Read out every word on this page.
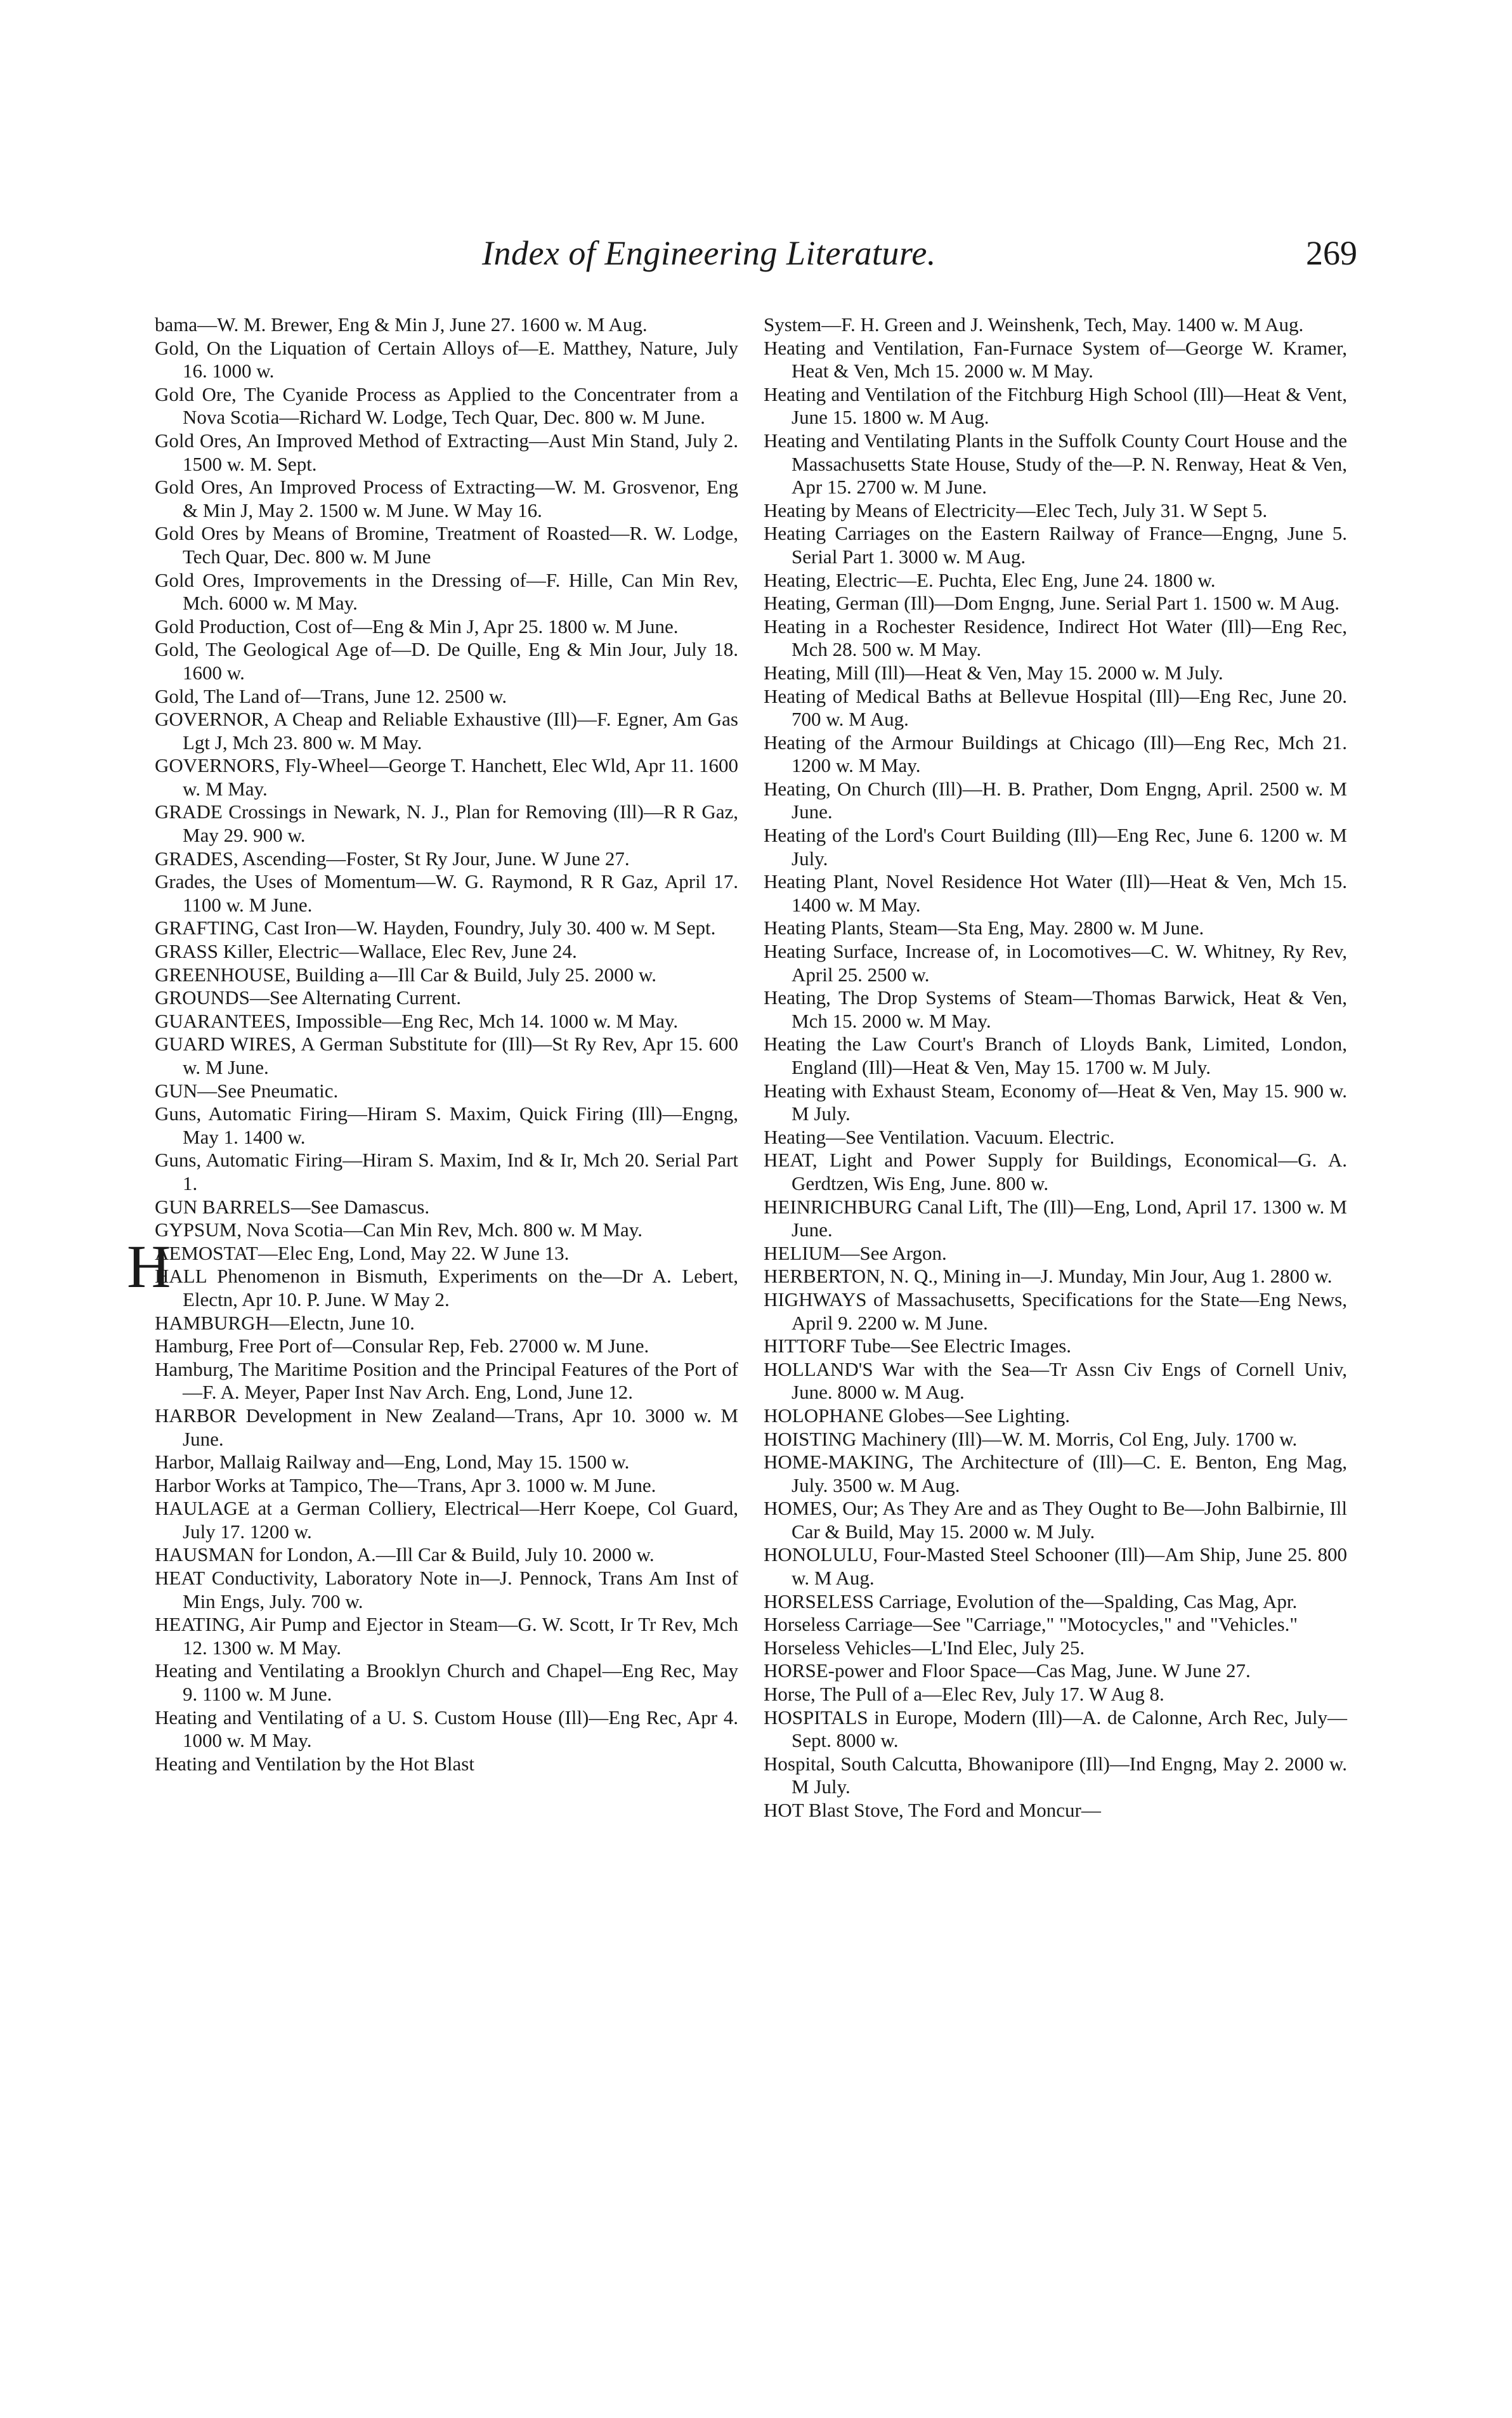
Index of Engineering Literature.	269

bama—W. M. Brewer, Eng & Min J, June 27. 1600 w. M Aug.

Gold, On the Liquation of Certain Alloys of—E. Matthey, Nature, July 16. 1000 w.

Gold Ore, The Cyanide Process as Applied to the Concentrater from a Nova Scotia—Richard W. Lodge, Tech Quar, Dec. 800 w. M June.

Gold Ores, An Improved Method of Extracting—Aust Min Stand, July 2. 1500 w. M. Sept.

Gold Ores, An Improved Process of Extracting—W. M. Grosvenor, Eng & Min J, May 2. 1500 w. M June. W May 16.

Gold Ores by Means of Bromine, Treatment of Roasted—R. W. Lodge, Tech Quar, Dec. 800 w. M June

Gold Ores, Improvements in the Dressing of—F. Hille, Can Min Rev, Mch. 6000 w. M May.

Gold Production, Cost of—Eng & Min J, Apr 25. 1800 w. M June.

Gold, The Geological Age of—D. De Quille, Eng & Min Jour, July 18. 1600 w.

Gold, The Land of—Trans, June 12. 2500 w.

GOVERNOR, A Cheap and Reliable Exhaustive (Ill)—F. Egner, Am Gas Lgt J, Mch 23. 800 w. M May.

GOVERNORS, Fly-Wheel—George T. Hanchett, Elec Wld, Apr 11. 1600 w. M May.

GRADE Crossings in Newark, N. J., Plan for Removing (Ill)—R R Gaz, May 29. 900 w.

GRADES, Ascending—Foster, St Ry Jour, June. W June 27.

Grades, the Uses of Momentum—W. G. Raymond, R R Gaz, April 17. 1100 w. M June.

GRAFTING, Cast Iron—W. Hayden, Foundry, July 30. 400 w. M Sept.

GRASS Killer, Electric—Wallace, Elec Rev, June 24.

GREENHOUSE, Building a—Ill Car & Build, July 25. 2000 w.

GROUNDS—See Alternating Current.

GUARANTEES, Impossible—Eng Rec, Mch 14. 1000 w. M May.

GUARD WIRES, A German Substitute for (Ill)—St Ry Rev, Apr 15. 600 w. M June.

GUN—See Pneumatic.

Guns, Automatic Firing—Hiram S. Maxim, Quick Firing (Ill)—Engng, May 1. 1400 w.

Guns, Automatic Firing—Hiram S. Maxim, Ind & Ir, Mch 20. Serial Part 1.

GUN BARRELS—See Damascus.

GYPSUM, Nova Scotia—Can Min Rev, Mch. 800 w. M May.

HAEMOSTAT—Elec Eng, Lond, May 22. W June 13.

HALL Phenomenon in Bismuth, Experiments on the—Dr A. Lebert, Electn, Apr 10. P. June. W May 2.

HAMBURGH—Electn, June 10.

Hamburg, Free Port of—Consular Rep, Feb. 27000 w. M June.

Hamburg, The Maritime Position and the Principal Features of the Port of—F. A. Meyer, Paper Inst Nav Arch. Eng, Lond, June 12.

HARBOR Development in New Zealand—Trans, Apr 10. 3000 w. M June.

Harbor, Mallaig Railway and—Eng, Lond, May 15. 1500 w.

Harbor Works at Tampico, The—Trans, Apr 3. 1000 w. M June.

HAULAGE at a German Colliery, Electrical—Herr Koepe, Col Guard, July 17. 1200 w.

HAUSMAN for London, A.—Ill Car & Build, July 10. 2000 w.

HEAT Conductivity, Laboratory Note in—J. Pennock, Trans Am Inst of Min Engs, July. 700 w.

HEATING, Air Pump and Ejector in Steam—G. W. Scott, Ir Tr Rev, Mch 12. 1300 w. M May.

Heating and Ventilating a Brooklyn Church and Chapel—Eng Rec, May 9. 1100 w. M June.

Heating and Ventilating of a U. S. Custom House (Ill)—Eng Rec, Apr 4. 1000 w. M May.

Heating and Ventilation by the Hot Blast

System—F. H. Green and J. Weinshenk, Tech, May. 1400 w. M Aug.

Heating and Ventilation, Fan-Furnace System of—George W. Kramer, Heat & Ven, Mch 15. 2000 w. M May.

Heating and Ventilation of the Fitchburg High School (Ill)—Heat & Vent, June 15. 1800 w. M Aug.

Heating and Ventilating Plants in the Suffolk County Court House and the Massachusetts State House, Study of the—P. N. Renway, Heat & Ven, Apr 15. 2700 w. M June.

Heating by Means of Electricity—Elec Tech, July 31. W Sept 5.

Heating Carriages on the Eastern Railway of France—Engng, June 5. Serial Part 1. 3000 w. M Aug.

Heating, Electric—E. Puchta, Elec Eng, June 24. 1800 w.

Heating, German (Ill)—Dom Engng, June. Serial Part 1. 1500 w. M Aug.

Heating in a Rochester Residence, Indirect Hot Water (Ill)—Eng Rec, Mch 28. 500 w. M May.

Heating, Mill (Ill)—Heat & Ven, May 15. 2000 w. M July.

Heating of Medical Baths at Bellevue Hospital (Ill)—Eng Rec, June 20. 700 w. M Aug.

Heating of the Armour Buildings at Chicago (Ill)—Eng Rec, Mch 21. 1200 w. M May.

Heating, On Church (Ill)—H. B. Prather, Dom Engng, April. 2500 w. M June.

Heating of the Lord's Court Building (Ill)—Eng Rec, June 6. 1200 w. M July.

Heating Plant, Novel Residence Hot Water (Ill)—Heat & Ven, Mch 15. 1400 w. M May.

Heating Plants, Steam—Sta Eng, May. 2800 w. M June.

Heating Surface, Increase of, in Locomotives—C. W. Whitney, Ry Rev, April 25. 2500 w.

Heating, The Drop Systems of Steam—Thomas Barwick, Heat & Ven, Mch 15. 2000 w. M May.

Heating the Law Court's Branch of Lloyds Bank, Limited, London, England (Ill)—Heat & Ven, May 15. 1700 w. M July.

Heating with Exhaust Steam, Economy of—Heat & Ven, May 15. 900 w. M July.

Heating—See Ventilation. Vacuum. Electric.

HEAT, Light and Power Supply for Buildings, Economical—G. A. Gerdtzen, Wis Eng, June. 800 w.

HEINRICHBURG Canal Lift, The (Ill)—Eng, Lond, April 17. 1300 w. M June.

HELIUM—See Argon.

HERBERTON, N. Q., Mining in—J. Munday, Min Jour, Aug 1. 2800 w.

HIGHWAYS of Massachusetts, Specifications for the State—Eng News, April 9. 2200 w. M June.

HITTORF Tube—See Electric Images.

HOLLAND'S War with the Sea—Tr Assn Civ Engs of Cornell Univ, June. 8000 w. M Aug.

HOLOPHANE Globes—See Lighting.

HOISTING Machinery (Ill)—W. M. Morris, Col Eng, July. 1700 w.

HOME-MAKING, The Architecture of (Ill)—C. E. Benton, Eng Mag, July. 3500 w. M Aug.

HOMES, Our; As They Are and as They Ought to Be—John Balbirnie, Ill Car & Build, May 15. 2000 w. M July.

HONOLULU, Four-Masted Steel Schooner (Ill)—Am Ship, June 25. 800 w. M Aug.

HORSELESS Carriage, Evolution of the—Spalding, Cas Mag, Apr.

Horseless Carriage—See "Carriage," "Motocycles," and "Vehicles."

Horseless Vehicles—L'Ind Elec, July 25.

HORSE-power and Floor Space—Cas Mag, June. W June 27.

Horse, The Pull of a—Elec Rev, July 17. W Aug 8.

HOSPITALS in Europe, Modern (Ill)—A. de Calonne, Arch Rec, July—Sept. 8000 w.

Hospital, South Calcutta, Bhowanipore (Ill)—Ind Engng, May 2. 2000 w. M July.

HOT Blast Stove, The Ford and Moncur—
